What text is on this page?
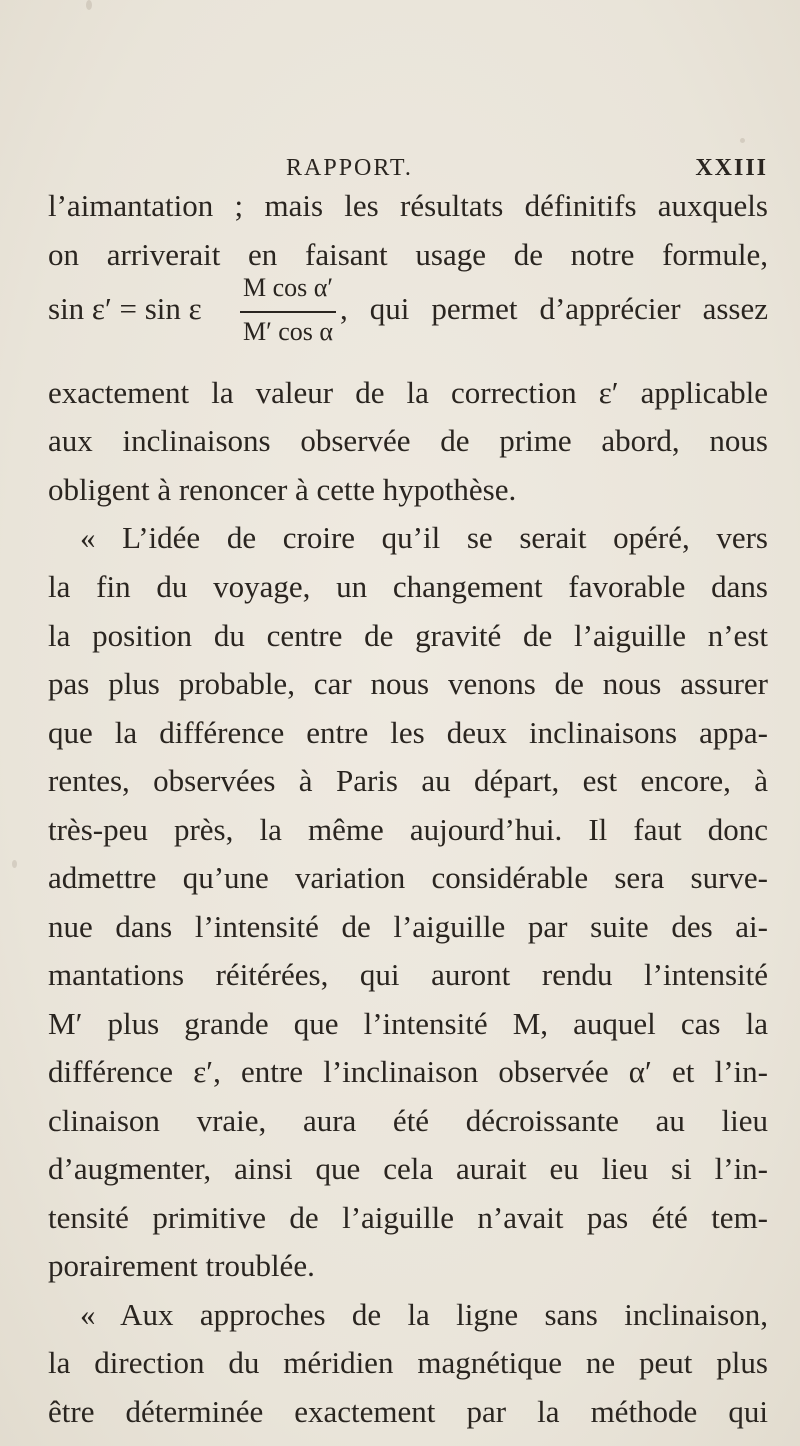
RAPPORT.	XXIII
l’aimantation ; mais les résultats définitifs auxquels
on arriverait en faisant usage de notre formule,
sin ε′ = sin ε
M cos α′
M′ cos α
, qui permet d’apprécier assez
exactement la valeur de la correction ε′ applicable
aux inclinaisons observée de prime abord, nous
obligent à renoncer à cette hypothèse.
« L’idée de croire qu’il se serait opéré, vers
la fin du voyage, un changement favorable dans
la position du centre de gravité de l’aiguille n’est
pas plus probable, car nous venons de nous assurer
que la différence entre les deux inclinaisons appa-
rentes, observées à Paris au départ, est encore, à
très-peu près, la même aujourd’hui. Il faut donc
admettre qu’une variation considérable sera surve-
nue dans l’intensité de l’aiguille par suite des ai-
mantations réitérées, qui auront rendu l’intensité
M′ plus grande que l’intensité M, auquel cas la
différence ε′, entre l’inclinaison observée α′ et l’in-
clinaison vraie, aura été décroissante au lieu
d’augmenter, ainsi que cela aurait eu lieu si l’in-
tensité primitive de l’aiguille n’avait pas été tem-
porairement troublée.
« Aux approches de la ligne sans inclinaison,
la direction du méridien magnétique ne peut plus
être déterminée exactement par la méthode qui
